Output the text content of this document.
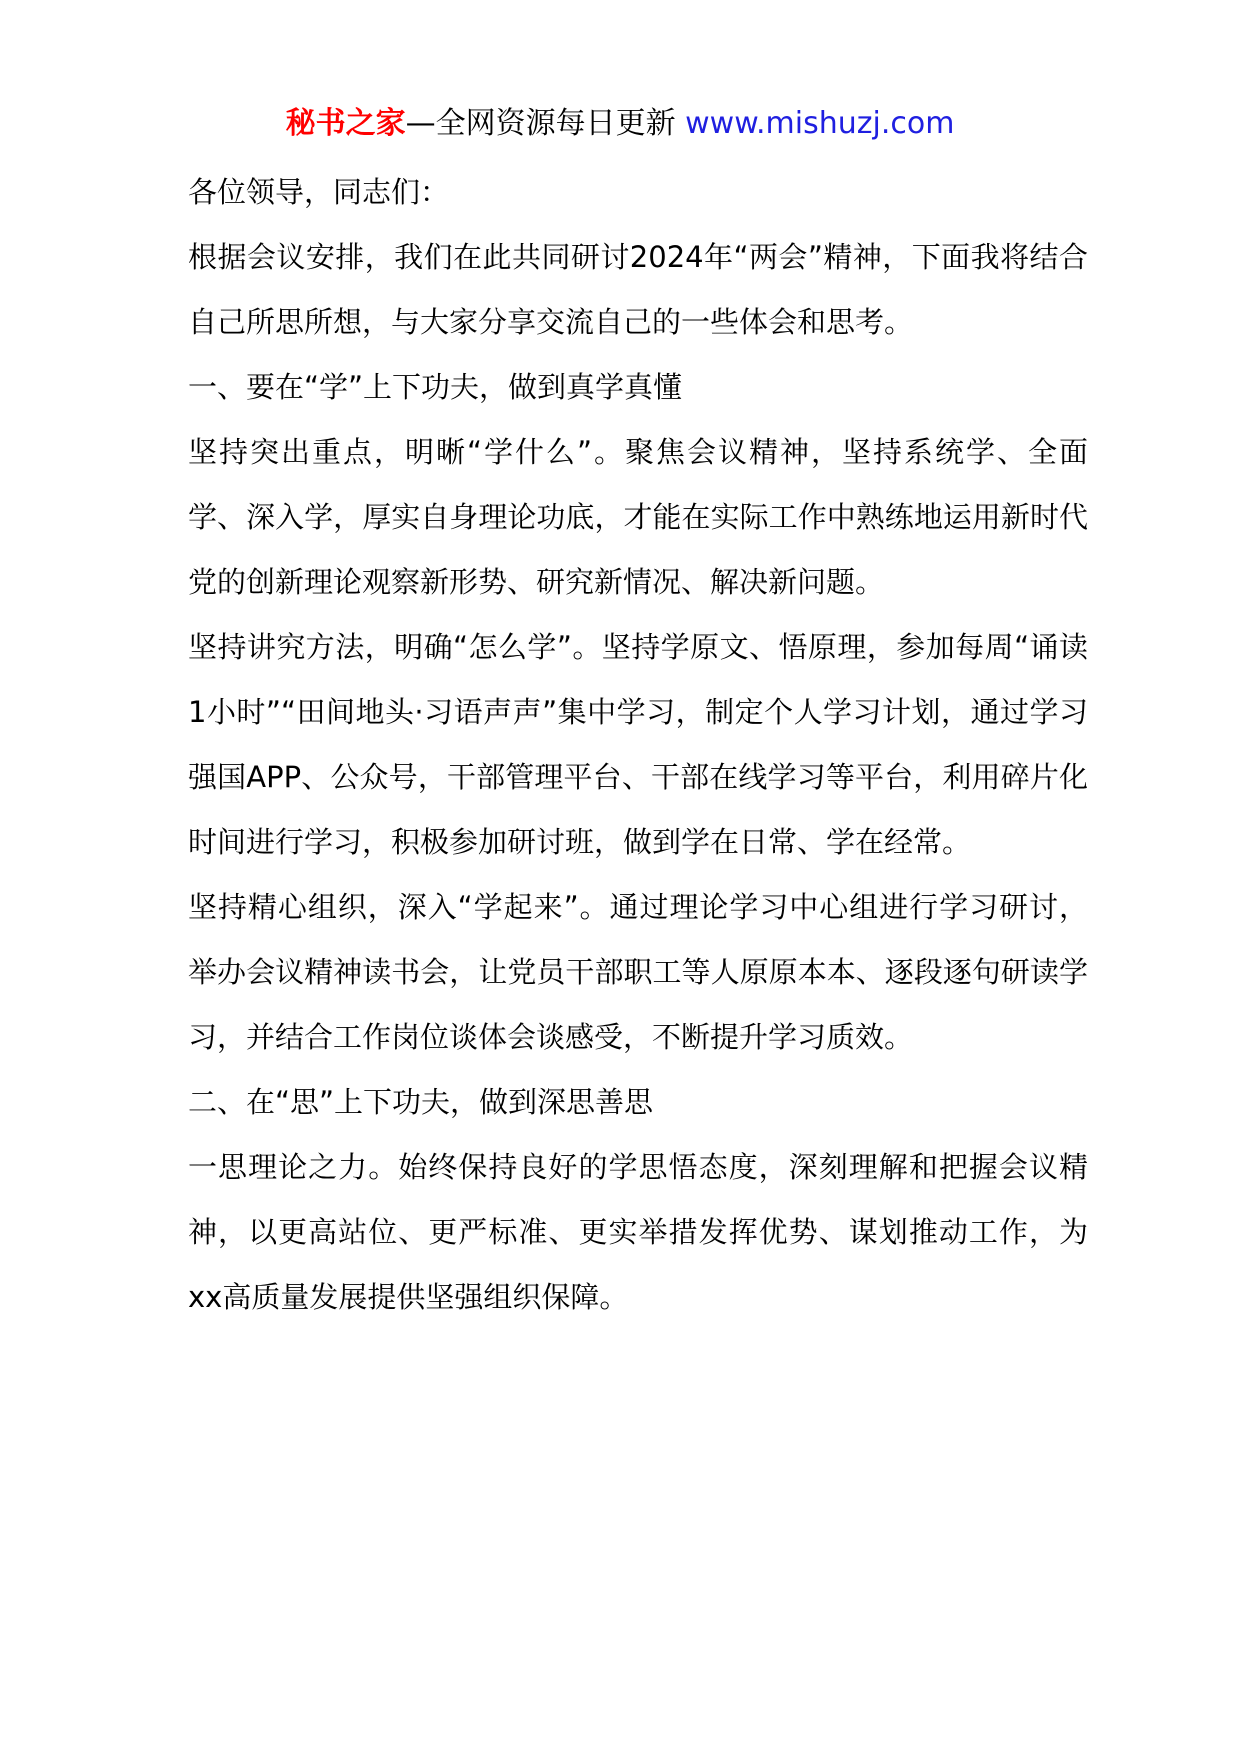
秘书之家—全网资源每日更新 www.mishuzj.com

各位领导，同志们：

根据会议安排，我们在此共同研讨2024年“两会”精神，下面我将结合自己所思所想，与大家分享交流自己的一些体会和思考。

一、要在“学”上下功夫，做到真学真懂

坚持突出重点，明晰“学什么”。聚焦会议精神，坚持系统学、全面学、深入学，厚实自身理论功底，才能在实际工作中熟练地运用新时代党的创新理论观察新形势、研究新情况、解决新问题。

坚持讲究方法，明确“怎么学”。坚持学原文、悟原理，参加每周“诵读1小时”“田间地头·习语声声”集中学习，制定个人学习计划，通过学习强国APP、公众号，干部管理平台、干部在线学习等平台，利用碎片化时间进行学习，积极参加研讨班，做到学在日常、学在经常。

坚持精心组织，深入“学起来”。通过理论学习中心组进行学习研讨，举办会议精神读书会，让党员干部职工等人原原本本、逐段逐句研读学习，并结合工作岗位谈体会谈感受，不断提升学习质效。

二、在“思”上下功夫，做到深思善思

一思理论之力。始终保持良好的学思悟态度，深刻理解和把握会议精神，以更高站位、更严标准、更实举措发挥优势、谋划推动工作，为xx高质量发展提供坚强组织保障。
